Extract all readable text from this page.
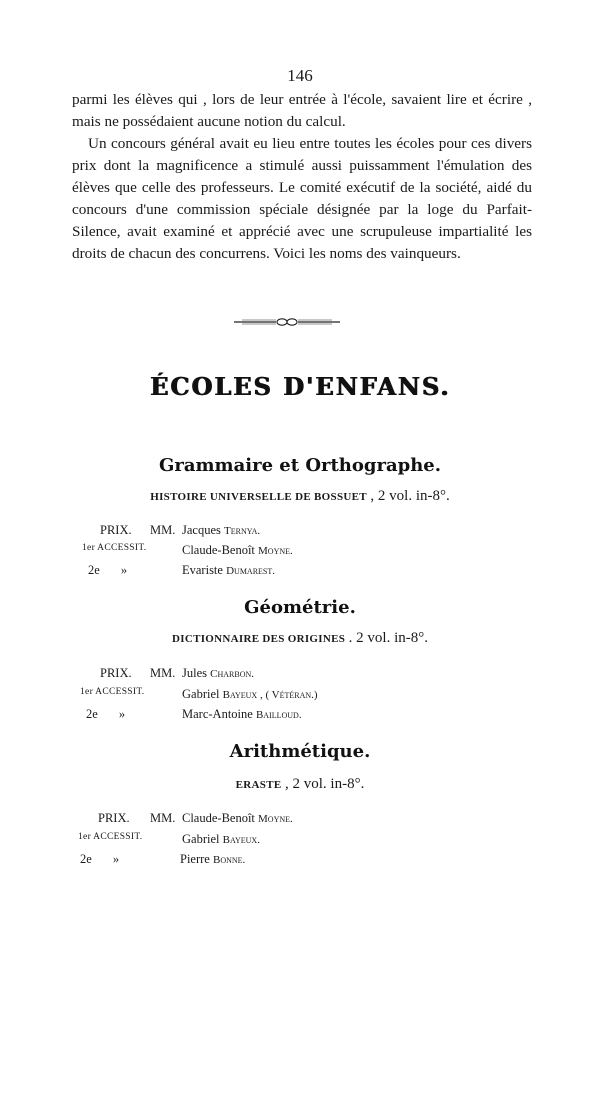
146

parmi les élèves qui , lors de leur entrée à l'école, savaient lire et écrire , mais ne possédaient aucune notion du calcul.

Un concours général avait eu lieu entre toutes les écoles pour ces divers prix dont la magnificence a stimulé aussi puissamment l'émulation des élèves que celle des professeurs. Le comité exécutif de la société, aidé du concours d'une commission spéciale désignée par la loge du Parfait-Silence, avait examiné et apprécié avec une scrupuleuse impartialité les droits de chacun des concurrens. Voici les noms des vainqueurs.

ÉCOLES D'ENFANS.
Grammaire et Orthographe.
HISTOIRE UNIVERSELLE DE BOSSUET , 2 vol. in-8°.
PRIX.	MM. Jacques Ternya.
1er ACCESSIT.	Claude-Benoît Moyne.
2e »	Evariste Dumarest.
Géométrie.
DICTIONNAIRE DES ORIGINES . 2 vol. in-8°.
PRIX. MM. Jules Charbon.
1er ACCESSIT.	Gabriel Bayeux , ( Vétéran.)
2e »	Marc-Antoine Bailloud.
Arithmétique.
ERASTE , 2 vol. in-8°.
PRIX. MM. Claude-Benoît Moyne.
1er ACCESSIT.	Gabriel Bayeux.
2e »	Pierre Bonne.
